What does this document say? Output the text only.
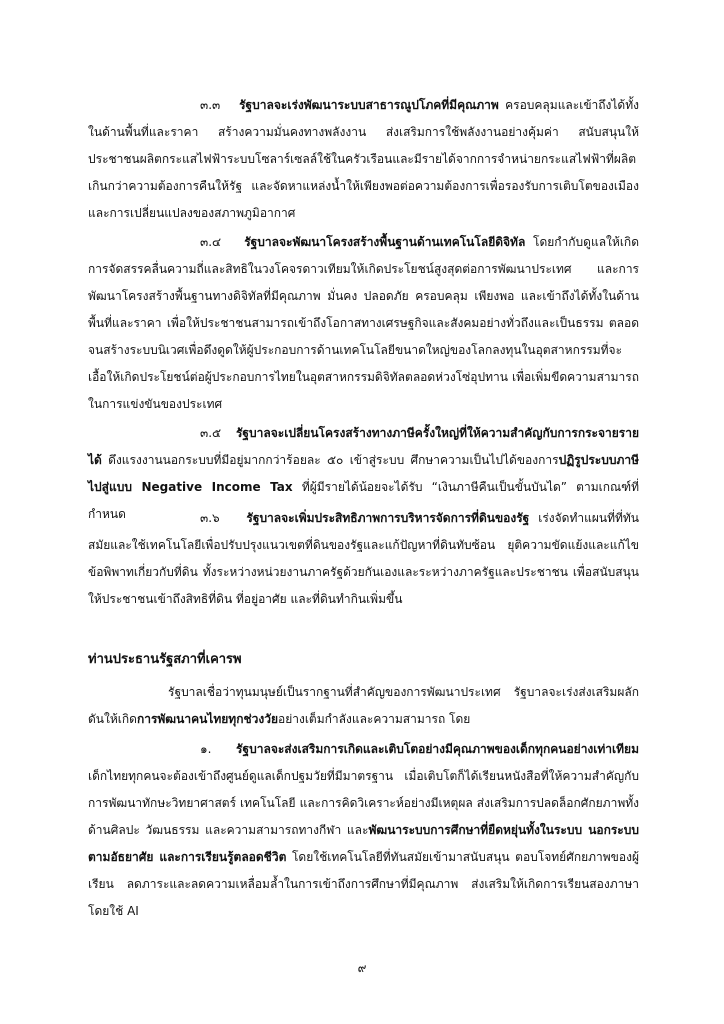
๓.๓ รัฐบาลจะเร่งพัฒนาระบบสาธารณูปโภคที่มีคุณภาพ ครอบคลุมและเข้าถึงได้ทั้งในด้านพื้นที่และราคา สร้างความมั่นคงทางพลังงาน ส่งเสริมการใช้พลังงานอย่างคุ้มค่า สนับสนุนให้ประชาชนผลิตกระแสไฟฟ้าระบบโซลาร์เซลล์ใช้ในครัวเรือนและมีรายได้จากการจำหน่ายกระแสไฟฟ้าที่ผลิตเกินกว่าความต้องการคืนให้รัฐ และจัดหาแหล่งน้ำให้เพียงพอต่อความต้องการเพื่อรองรับการเติบโตของเมืองและการเปลี่ยนแปลงของสภาพภูมิอากาศ
๓.๔ รัฐบาลจะพัฒนาโครงสร้างพื้นฐานด้านเทคโนโลยีดิจิทัล โดยกำกับดูแลให้เกิดการจัดสรรคลื่นความถี่และสิทธิในวงโคจรดาวเทียมให้เกิดประโยชน์สูงสุดต่อการพัฒนาประเทศ และการพัฒนาโครงสร้างพื้นฐานทางดิจิทัลที่มีคุณภาพ มั่นคง ปลอดภัย ครอบคลุม เพียงพอ และเข้าถึงได้ทั้งในด้านพื้นที่และราคา เพื่อให้ประชาชนสามารถเข้าถึงโอกาสทางเศรษฐกิจและสังคมอย่างทั่วถึงและเป็นธรรม ตลอดจนสร้างระบบนิเวศเพื่อดึงดูดให้ผู้ประกอบการด้านเทคโนโลยีขนาดใหญ่ของโลกลงทุนในอุตสาหกรรมที่จะเอื้อให้เกิดประโยชน์ต่อผู้ประกอบการไทยในอุตสาหกรรมดิจิทัลตลอดห่วงโซ่อุปทาน เพื่อเพิ่มขีดความสามารถในการแข่งขันของประเทศ
๓.๕ รัฐบาลจะเปลี่ยนโครงสร้างทางภาษีครั้งใหญ่ที่ให้ความสำคัญกับการกระจายรายได้ ดึงแรงงานนอกระบบที่มีอยู่มากกว่าร้อยละ ๕๐ เข้าสู่ระบบ ศึกษาความเป็นไปได้ของการปฏิรูประบบภาษีไปสู่แบบ Negative Income Tax ที่ผู้มีรายได้น้อยจะได้รับ “เงินภาษีคืนเป็นขั้นบันได” ตามเกณฑ์ที่กำหนด	๓.๖ รัฐบาลจะเพิ่มประสิทธิภาพการบริหารจัดการที่ดินของรัฐ เร่งจัดทำแผนที่ที่ทันสมัยและใช้เทคโนโลยีเพื่อปรับปรุงแนวเขตที่ดินของรัฐและแก้ปัญหาที่ดินทับซ้อน ยุติความขัดแย้งและแก้ไขข้อพิพาทเกี่ยวกับที่ดิน ทั้งระหว่างหน่วยงานภาครัฐด้วยกันเองและระหว่างภาครัฐและประชาชน เพื่อสนับสนุนให้ประชาชนเข้าถึงสิทธิที่ดิน ที่อยู่อาศัย และที่ดินทำกินเพิ่มขึ้น
ท่านประธานรัฐสภาที่เคารพ
รัฐบาลเชื่อว่าทุนมนุษย์เป็นรากฐานที่สำคัญของการพัฒนาประเทศ รัฐบาลจะเร่งส่งเสริมผลักดันให้เกิดการพัฒนาคนไทยทุกช่วงวัยอย่างเต็มกำลังและความสามารถ โดย
๑. รัฐบาลจะส่งเสริมการเกิดและเติบโตอย่างมีคุณภาพของเด็กทุกคนอย่างเท่าเทียม เด็กไทยทุกคนจะต้องเข้าถึงศูนย์ดูแลเด็กปฐมวัยที่มีมาตรฐาน เมื่อเติบโตก็ได้เรียนหนังสือที่ให้ความสำคัญกับการพัฒนาทักษะวิทยาศาสตร์ เทคโนโลยี และการคิดวิเคราะห์อย่างมีเหตุผล ส่งเสริมการปลดล็อกศักยภาพทั้งด้านศิลปะ วัฒนธรรม และความสามารถทางกีฬา และพัฒนาระบบการศึกษาที่ยืดหยุ่นทั้งในระบบ นอกระบบ ตามอัธยาศัย และการเรียนรู้ตลอดชีวิต โดยใช้เทคโนโลยีที่ทันสมัยเข้ามาสนับสนุน ตอบโจทย์ศักยภาพของผู้เรียน ลดภาระและลดความเหลื่อมล้ำในการเข้าถึงการศึกษาที่มีคุณภาพ ส่งเสริมให้เกิดการเรียนสองภาษาโดยใช้ AI
๙
